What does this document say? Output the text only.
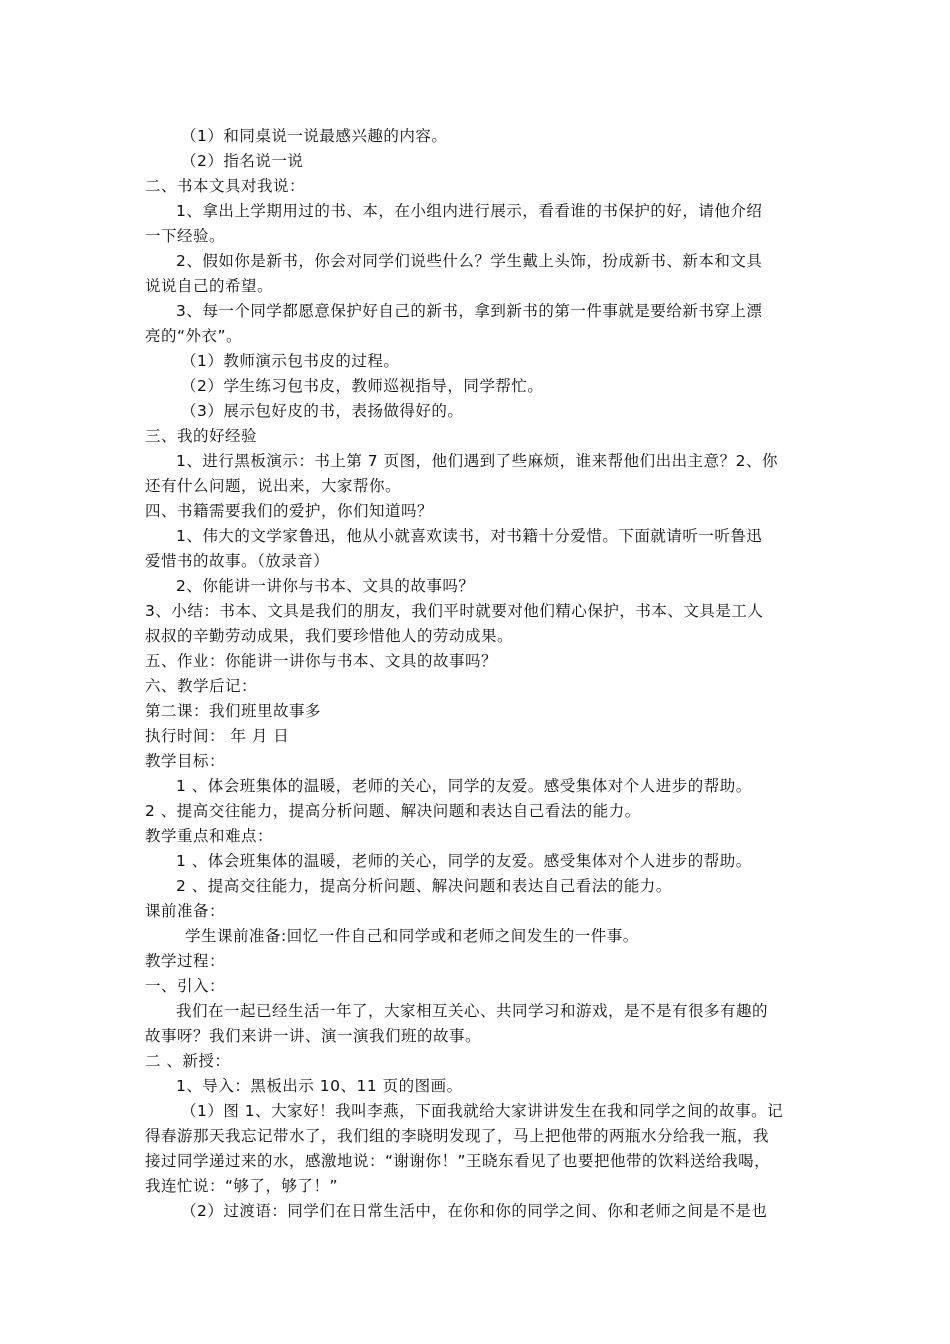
（1）和同桌说一说最感兴趣的内容。
（2）指名说一说
二、书本文具对我说：
1、拿出上学期用过的书、本，在小组内进行展示，看看谁的书保护的好，请他介绍
一下经验。
2、假如你是新书，你会对同学们说些什么？学生戴上头饰，扮成新书、新本和文具
说说自己的希望。
3、每一个同学都愿意保护好自己的新书，拿到新书的第一件事就是要给新书穿上漂
亮的“外衣”。
（1）教师演示包书皮的过程。
（2）学生练习包书皮，教师巡视指导，同学帮忙。
（3）展示包好皮的书，表扬做得好的。
三、我的好经验
1、进行黑板演示：书上第 7 页图，他们遇到了些麻烦，谁来帮他们出出主意？2、你
还有什么问题，说出来，大家帮你。
四、书籍需要我们的爱护，你们知道吗？
1、伟大的文学家鲁迅，他从小就喜欢读书，对书籍十分爱惜。下面就请听一听鲁迅
爱惜书的故事。（放录音）
2、你能讲一讲你与书本、文具的故事吗？
3、小结：书本、文具是我们的朋友，我们平时就要对他们精心保护，书本、文具是工人
叔叔的辛勤劳动成果，我们要珍惜他人的劳动成果。
五、作业：你能讲一讲你与书本、文具的故事吗？
六、教学后记：
第二课：我们班里故事多
执行时间： 年 月 日
教学目标：
1 、体会班集体的温暖，老师的关心，同学的友爱。感受集体对个人进步的帮助。
2 、提高交往能力，提高分析问题、解决问题和表达自己看法的能力。
教学重点和难点：
1 、体会班集体的温暖，老师的关心，同学的友爱。感受集体对个人进步的帮助。
2 、提高交往能力，提高分析问题、解决问题和表达自己看法的能力。
课前准备：
学生课前准备:回忆一件自己和同学或和老师之间发生的一件事。
教学过程：
一、引入：
我们在一起已经生活一年了，大家相互关心、共同学习和游戏，是不是有很多有趣的
故事呀？我们来讲一讲、演一演我们班的故事。
二 、新授：
1、导入：黑板出示 10、11 页的图画。
（1）图 1、大家好！我叫李燕，下面我就给大家讲讲发生在我和同学之间的故事。记
得春游那天我忘记带水了，我们组的李晓明发现了，马上把他带的两瓶水分给我一瓶，我
接过同学递过来的水，感激地说：“谢谢你！”王晓东看见了也要把他带的饮料送给我喝，
我连忙说：“够了，够了！”
（2）过渡语：同学们在日常生活中，在你和你的同学之间、你和老师之间是不是也
